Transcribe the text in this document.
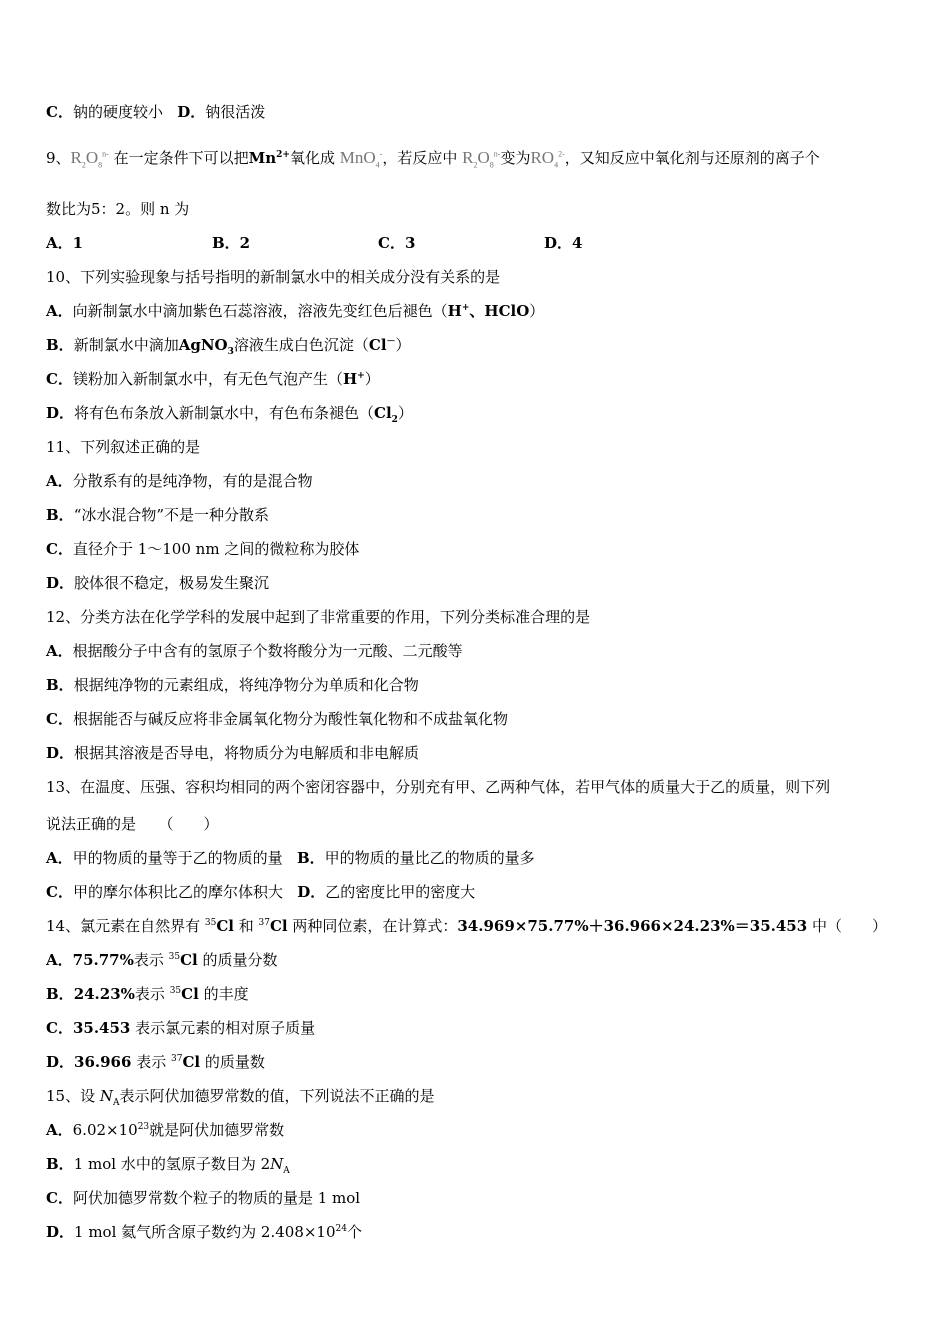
C．钠的硬度较小 D．钠很活泼
9、$R_2O_8^{n-}$ 在一定条件下可以把$Mn^{2+}$氧化成 MnO$_4$-，若反应中 $R_2O_8^{n-}$变为$RO_4^{2-}$，又知反应中氧化剂与还原剂的离子个
数比为5：2。则 n 为
A．1	B．2	C．3	D．4
10、下列实验现象与括号指明的新制氯水中的相关成分没有关系的是
A．向新制氯水中滴加紫色石蕊溶液，溶液先变红色后褪色（H+、HClO）
B．新制氯水中滴加AgNO$_3$溶液生成白色沉淀（Cl－）
C．镁粉加入新制氯水中，有无色气泡产生（H+）
D．将有色布条放入新制氯水中，有色布条褪色$(Cl_2)$
11、下列叙述正确的是
A．分散系有的是纯净物，有的是混合物
B．“冰水混合物”不是一种分散系
C．直径介于 1～100 nm 之间的微粒称为胶体
D．胶体很不稳定，极易发生聚沉
12、分类方法在化学学科的发展中起到了非常重要的作用，下列分类标准合理的是
A．根据酸分子中含有的氢原子个数将酸分为一元酸、二元酸等
B．根据纯净物的元素组成，将纯净物分为单质和化合物
C．根据能否与碱反应将非金属氧化物分为酸性氧化物和不成盐氧化物
D．根据其溶液是否导电，将物质分为电解质和非电解质
13、在温度、压强、容积均相同的两个密闭容器中，分别充有甲、乙两种气体，若甲气体的质量大于乙的质量，则下列
说法正确的是　　（　　）
A．甲的物质的量等于乙的物质的量 B．甲的物质的量比乙的物质的量多
C．甲的摩尔体积比乙的摩尔体积大 D．乙的密度比甲的密度大
14、氯元素在自然界有 $^{35}$Cl 和 $^{37}$Cl 两种同位素，在计算式：34.969×75.77%＋36.966×24.23%＝35.453 中（　　）
A．75.77%表示 $^{35}$Cl 的质量分数
B．24.23%表示 $^{35}$Cl 的丰度
C．35.453 表示氯元素的相对原子质量
D．36.966 表示 $^{37}$Cl 的质量数
15、设 $N_A$表示阿伏加德罗常数的值，下列说法不正确的是
A．$6.02\times 10^{23}$就是阿伏加德罗常数
B．1 mol 水中的氢原子数目为 $2N_A$
C．阿伏加德罗常数个粒子的物质的量是 1 mol
D．1 mol 氦气所含原子数约为 $2.408\times 10^{24}$个
